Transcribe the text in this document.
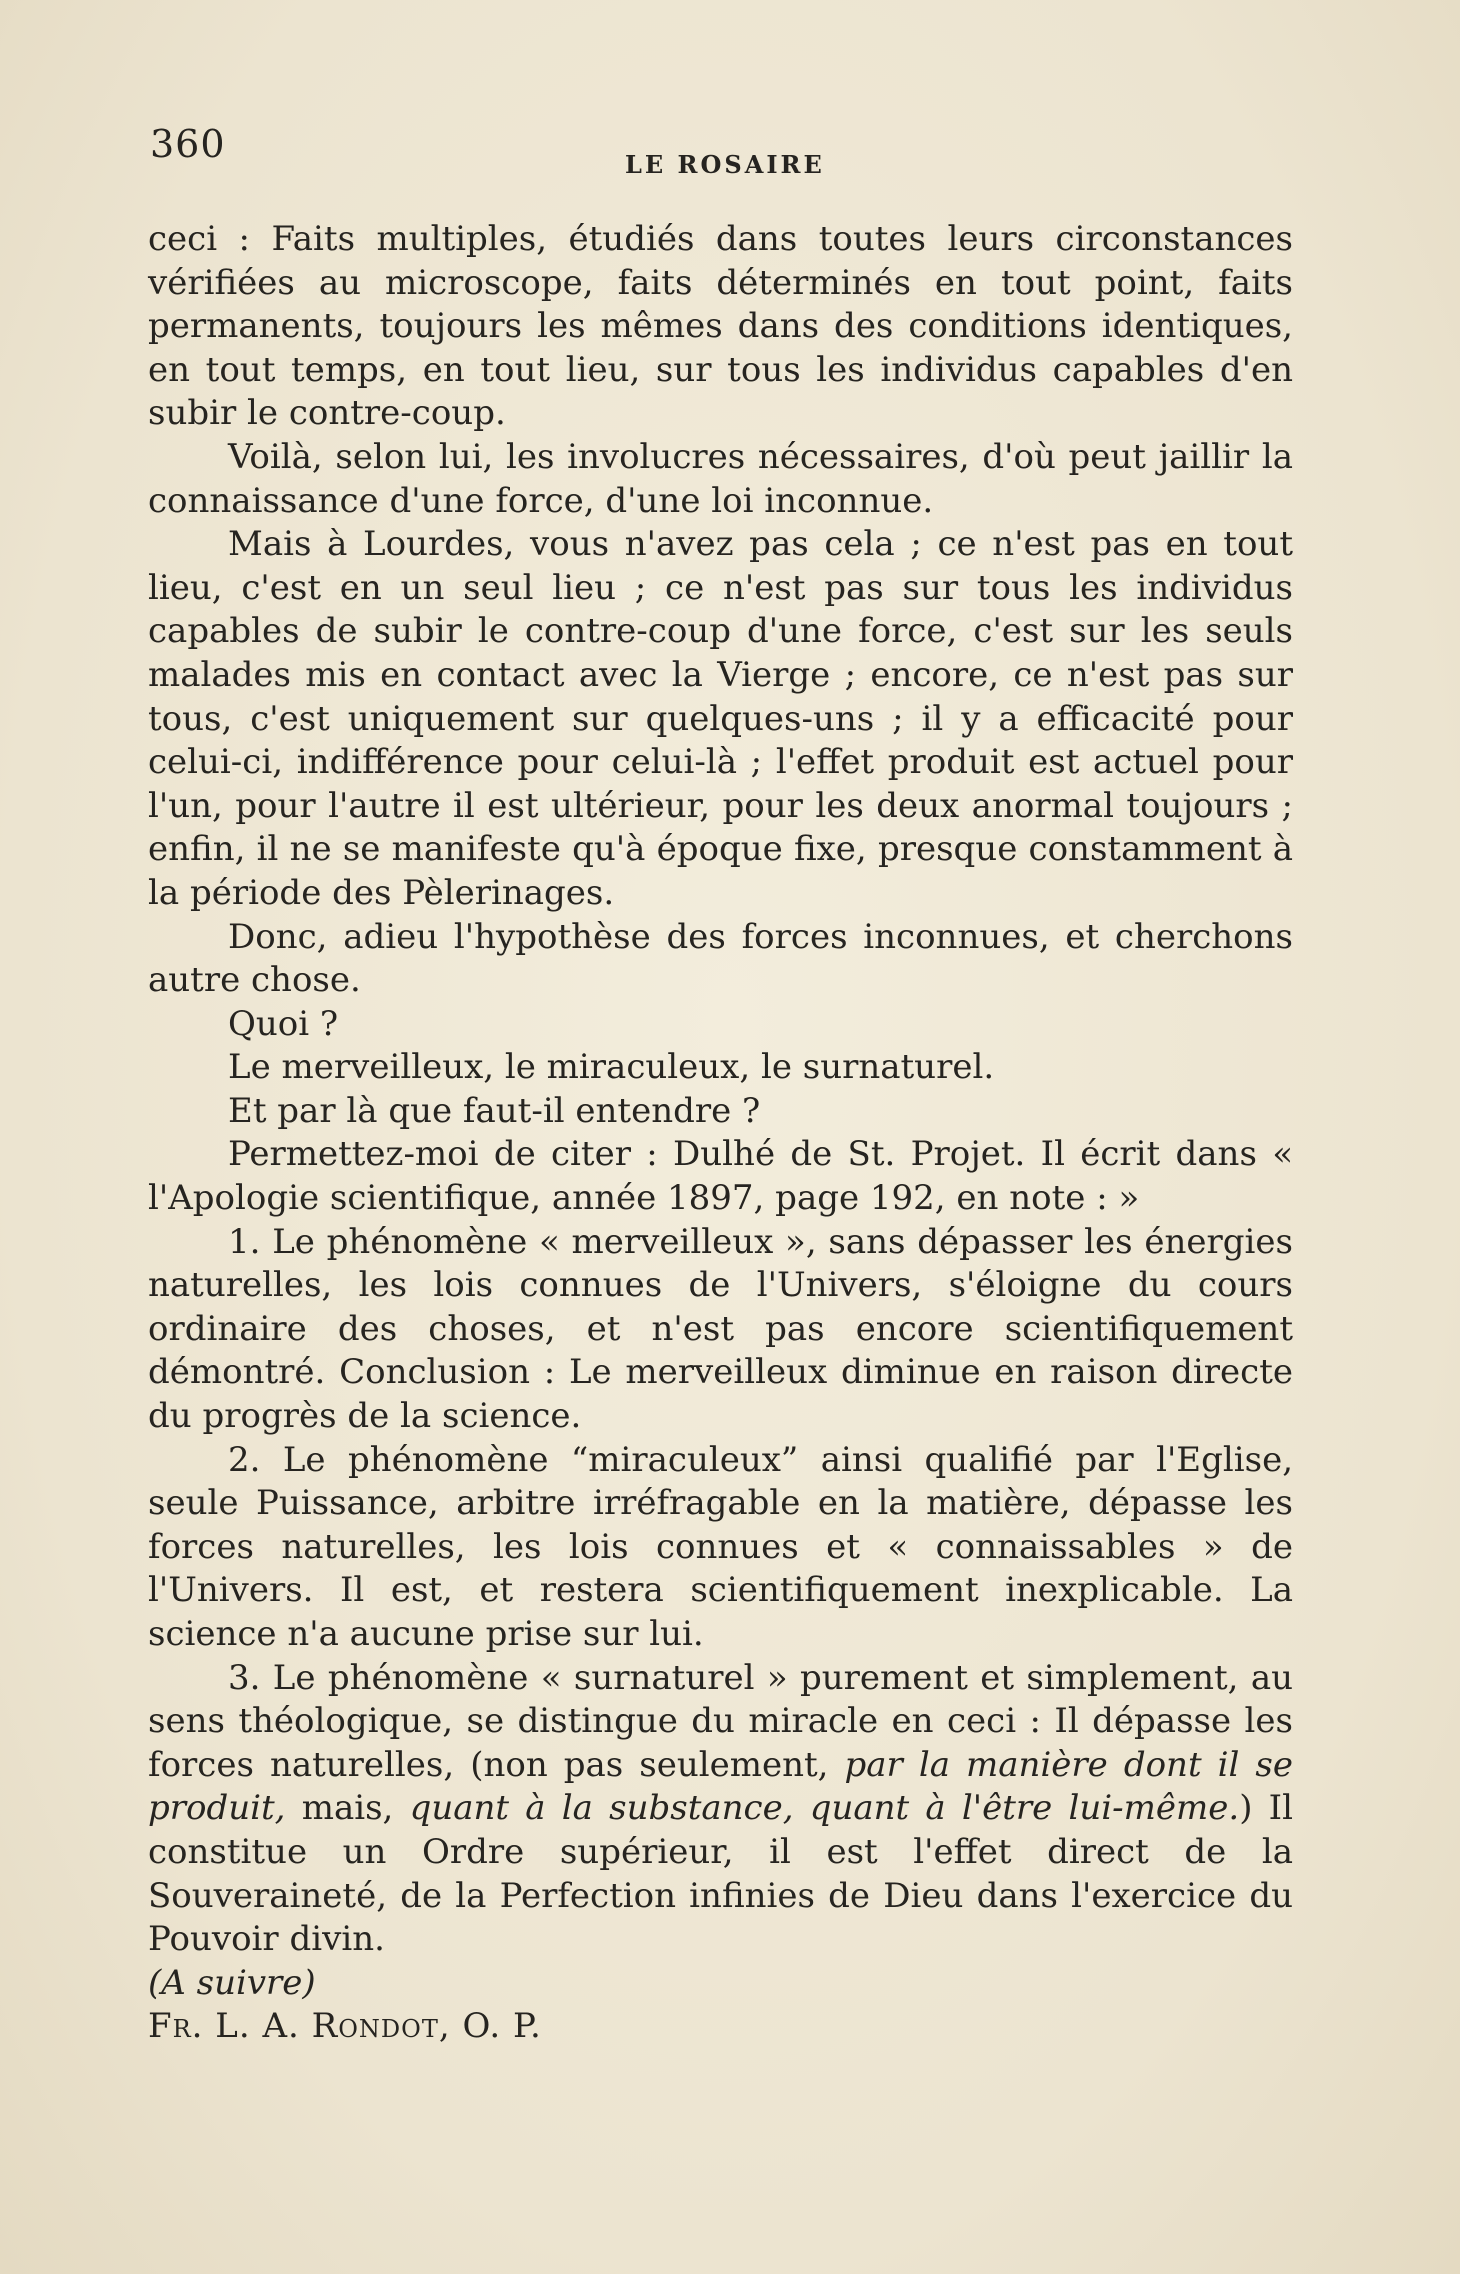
360	LE ROSAIRE

ceci : Faits multiples, étudiés dans toutes leurs circonstances vérifiées au microscope, faits déterminés en tout point, faits permanents, toujours les mêmes dans des conditions identiques, en tout temps, en tout lieu, sur tous les individus capables d'en subir le contre-coup.

Voilà, selon lui, les involucres nécessaires, d'où peut jaillir la connaissance d'une force, d'une loi inconnue.

Mais à Lourdes, vous n'avez pas cela ; ce n'est pas en tout lieu, c'est en un seul lieu ; ce n'est pas sur tous les individus capables de subir le contre-coup d'une force, c'est sur les seuls malades mis en contact avec la Vierge ; encore, ce n'est pas sur tous, c'est uniquement sur quelques-uns ; il y a efficacité pour celui-ci, indifférence pour celui-là ; l'effet produit est actuel pour l'un, pour l'autre il est ultérieur, pour les deux anormal toujours ; enfin, il ne se manifeste qu'à époque fixe, presque constamment à la période des Pèlerinages.

Donc, adieu l'hypothèse des forces inconnues, et cherchons autre chose.

Quoi ?

Le merveilleux, le miraculeux, le surnaturel.

Et par là que faut-il entendre ?

Permettez-moi de citer : Dulhé de St. Projet. Il écrit dans « l'Apologie scientifique, année 1897, page 192, en note : »

1. Le phénomène « merveilleux », sans dépasser les énergies naturelles, les lois connues de l'Univers, s'éloigne du cours ordinaire des choses, et n'est pas encore scientifiquement démontré. Conclusion : Le merveilleux diminue en raison directe du progrès de la science.

2. Le phénomène “miraculeux” ainsi qualifié par l'Eglise, seule Puissance, arbitre irréfragable en la matière, dépasse les forces naturelles, les lois connues et « connaissables » de l'Univers. Il est, et restera scientifiquement inexplicable. La science n'a aucune prise sur lui.

3. Le phénomène « surnaturel » purement et simplement, au sens théologique, se distingue du miracle en ceci : Il dépasse les forces naturelles, (non pas seulement, par la manière dont il se produit, mais, quant à la substance, quant à l'être lui-même.) Il constitue un Ordre supérieur, il est l'effet direct de la Souveraineté, de la Perfection infinies de Dieu dans l'exercice du Pouvoir divin.

(A suivre)

Fr. L. A. Rondot, O. P.
